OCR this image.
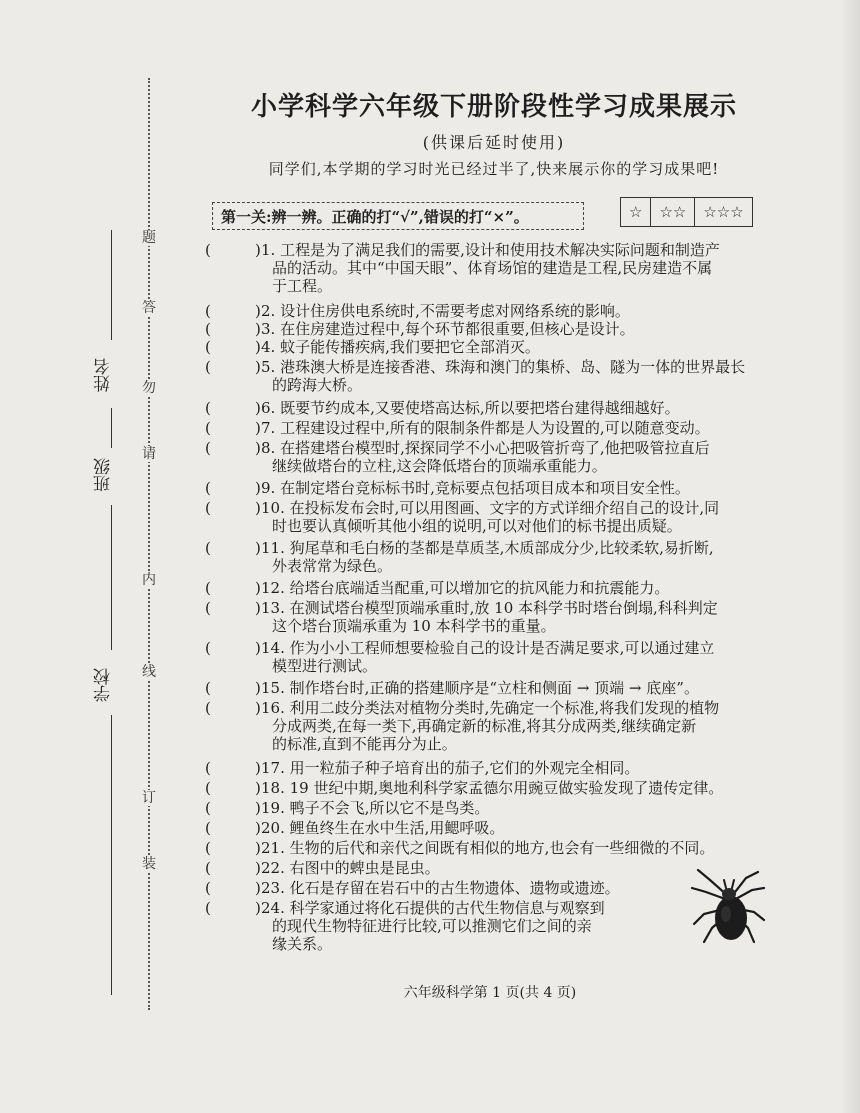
题
答
勿
请
内
线
订
装
姓名
班级
学校
小学科学六年级下册阶段性学习成果展示
(供课后延时使用)
同学们,本学期的学习时光已经过半了,快来展示你的学习成果吧!
第一关:辨一辨。正确的打“√”,错误的打“×”。	☆	☆☆	☆☆☆
(	) 1. 工程是为了满足我们的需要,设计和使用技术解决实际问题和制造产
品的活动。其中“中国天眼”、体育场馆的建造是工程,民房建造不属
于工程。
(	) 2. 设计住房供电系统时,不需要考虑对网络系统的影响。
(	) 3. 在住房建造过程中,每个环节都很重要,但核心是设计。
(	) 4. 蚊子能传播疾病,我们要把它全部消灭。
(	) 5. 港珠澳大桥是连接香港、珠海和澳门的集桥、岛、隧为一体的世界最长
的跨海大桥。
(	) 6. 既要节约成本,又要使塔高达标,所以要把塔台建得越细越好。
(	) 7. 工程建设过程中,所有的限制条件都是人为设置的,可以随意变动。
(	) 8. 在搭建塔台模型时,探探同学不小心把吸管折弯了,他把吸管拉直后
继续做塔台的立柱,这会降低塔台的顶端承重能力。
(	) 9. 在制定塔台竞标标书时,竞标要点包括项目成本和项目安全性。
(	) 10. 在投标发布会时,可以用图画、文字的方式详细介绍自己的设计,同
时也要认真倾听其他小组的说明,可以对他们的标书提出质疑。
(	) 11. 狗尾草和毛白杨的茎都是草质茎,木质部成分少,比较柔软,易折断,
外表常常为绿色。
(	) 12. 给塔台底端适当配重,可以增加它的抗风能力和抗震能力。
(	) 13. 在测试塔台模型顶端承重时,放 10 本科学书时塔台倒塌,科科判定
这个塔台顶端承重为 10 本科学书的重量。
(	) 14. 作为小小工程师想要检验自己的设计是否满足要求,可以通过建立
模型进行测试。
(	) 15. 制作塔台时,正确的搭建顺序是“立柱和侧面 → 顶端 → 底座”。
(	) 16. 利用二歧分类法对植物分类时,先确定一个标准,将我们发现的植物
分成两类,在每一类下,再确定新的标准,将其分成两类,继续确定新
的标准,直到不能再分为止。
(	) 17. 用一粒茄子种子培育出的茄子,它们的外观完全相同。
(	) 18. 19 世纪中期,奥地利科学家孟德尔用豌豆做实验发现了遗传定律。
(	) 19. 鸭子不会飞,所以它不是鸟类。
(	) 20. 鲤鱼终生在水中生活,用鳃呼吸。
(	) 21. 生物的后代和亲代之间既有相似的地方,也会有一些细微的不同。
(	) 22. 右图中的蜱虫是昆虫。
(	) 23. 化石是存留在岩石中的古生物遗体、遗物或遗迹。
(	) 24. 科学家通过将化石提供的古代生物信息与观察到
的现代生物特征进行比较,可以推测它们之间的亲
缘关系。
六年级科学第 1 页(共 4 页)
